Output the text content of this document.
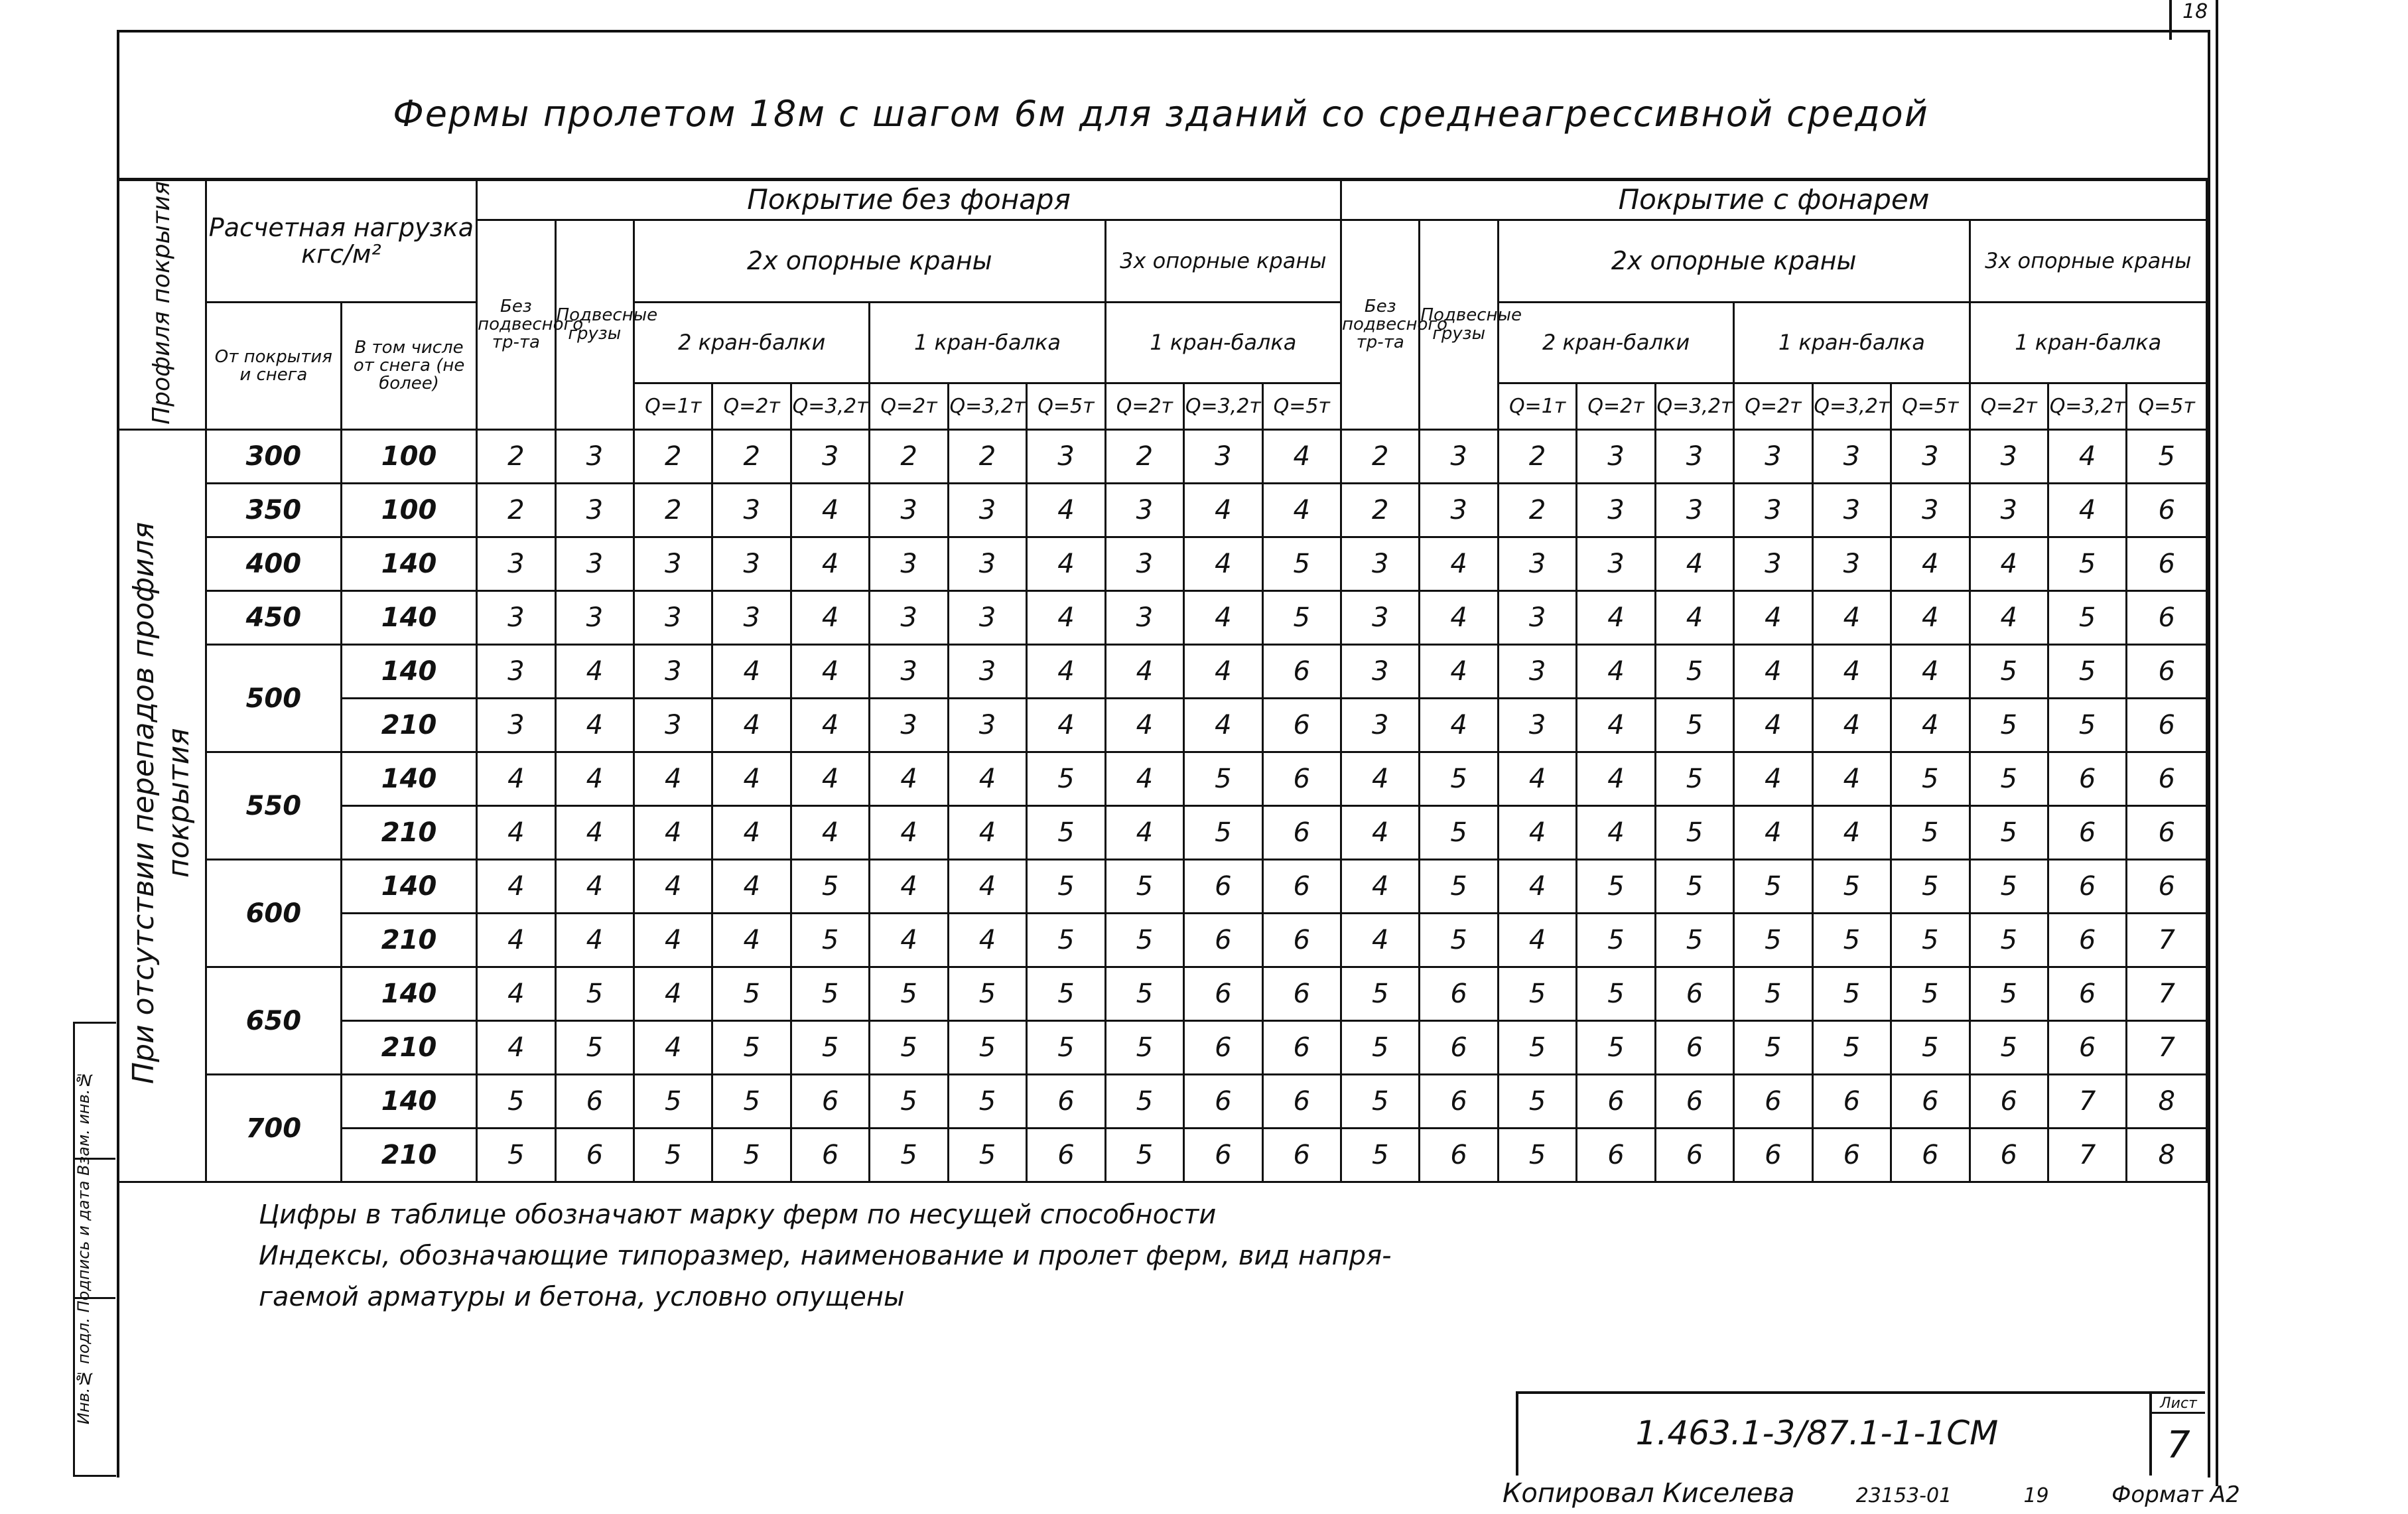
18
Фермы пролетом 18м с шагом 6м для зданий со среднеагрессивной средой
Профиля покрытия	Расчетная нагрузка кгс/м²		Покрытие без фонаря											Покрытие с фонарем										
			Без подвесного тр-та	Подвесные грузы	2х опорные краны						3х опорные краны			Без подвесного тр-та	Подвесные грузы	2х опорные краны						3х опорные краны		
	От покрытия и снега	В том числе от снега (не более)			2 кран-балки			1 кран-балка			1 кран-балка					2 кран-балки			1 кран-балка			1 кран-балка		
					Q=1т	Q=2т	Q=3,2т	Q=2т	Q=3,2т	Q=5т	Q=2т	Q=3,2т	Q=5т			Q=1т	Q=2т	Q=3,2т	Q=2т	Q=3,2т	Q=5т	Q=2т	Q=3,2т	Q=5т
При отсутствии перепадов профиля покрытия	300	100	2	3	2	2	3	2	2	3	2	3	4	2	3	2	3	3	3	3	3	3	4	5
	350	100	2	3	2	3	4	3	3	4	3	4	4	2	3	2	3	3	3	3	3	3	4	6
	400	140	3	3	3	3	4	3	3	4	3	4	5	3	4	3	3	4	3	3	4	4	5	6
	450	140	3	3	3	3	4	3	3	4	3	4	5	3	4	3	4	4	4	4	4	4	5	6
	500	140	3	4	3	4	4	3	3	4	4	4	6	3	4	3	4	5	4	4	4	5	5	6
		210	3	4	3	4	4	3	3	4	4	4	6	3	4	3	4	5	4	4	4	5	5	6
	550	140	4	4	4	4	4	4	4	5	4	5	6	4	5	4	4	5	4	4	5	5	6	6
		210	4	4	4	4	4	4	4	5	4	5	6	4	5	4	4	5	4	4	5	5	6	6
	600	140	4	4	4	4	5	4	4	5	5	6	6	4	5	4	5	5	5	5	5	5	6	6
		210	4	4	4	4	5	4	4	5	5	6	6	4	5	4	5	5	5	5	5	5	6	7
	650	140	4	5	4	5	5	5	5	5	5	6	6	5	6	5	5	6	5	5	5	5	6	7
		210	4	5	4	5	5	5	5	5	5	6	6	5	6	5	5	6	5	5	5	5	6	7
	700	140	5	6	5	5	6	5	5	6	5	6	6	5	6	5	6	6	6	6	6	6	7	8
		210	5	6	5	5	6	5	5	6	5	6	6	5	6	5	6	6	6	6	6	6	7	8
Цифры в таблице обозначают марку ферм по несущей способности
Индексы, обозначающие типоразмер, наименование и пролет ферм, вид напря-
гаемой арматуры и бетона, условно опущены
1.463.1-3/87.1-1-1СМ
Лист
7
Копировал Киселева	23153-01	19	Формат А2
Инв.№ подл. Подпись и дата Взам. инв.№
